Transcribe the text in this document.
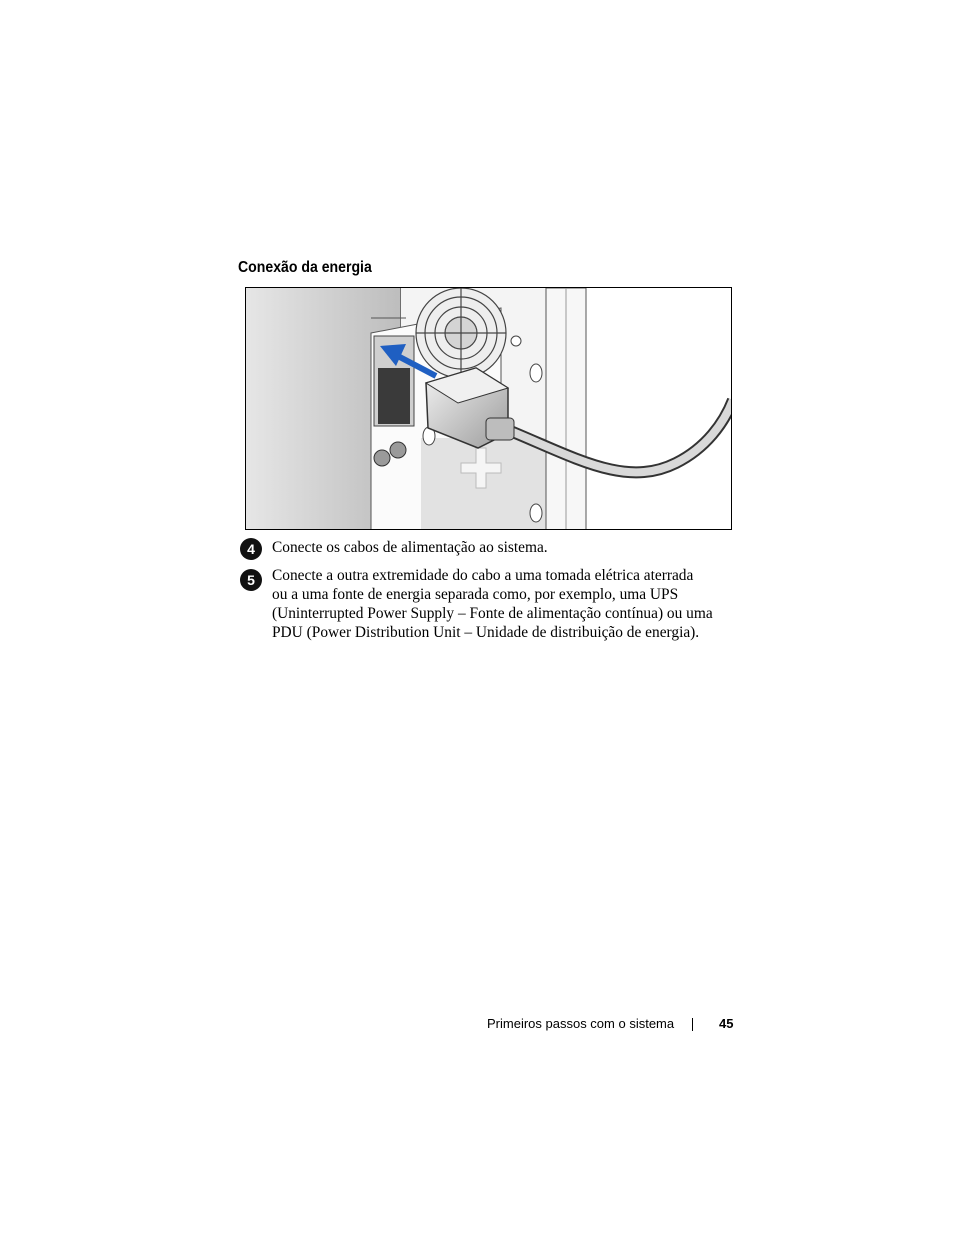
Conexão da energia
4	Conecte os cabos de alimentação ao sistema.

5	Conecte a outra extremidade do cabo a uma tomada elétrica aterrada

ou a uma fonte de energia separada como, por exemplo, uma UPS

(Uninterrupted Power Supply – Fonte de alimentação contínua) ou uma

PDU (Power Distribution Unit – Unidade de distribuição de energia).

Primeiros passos com o sistema	45
